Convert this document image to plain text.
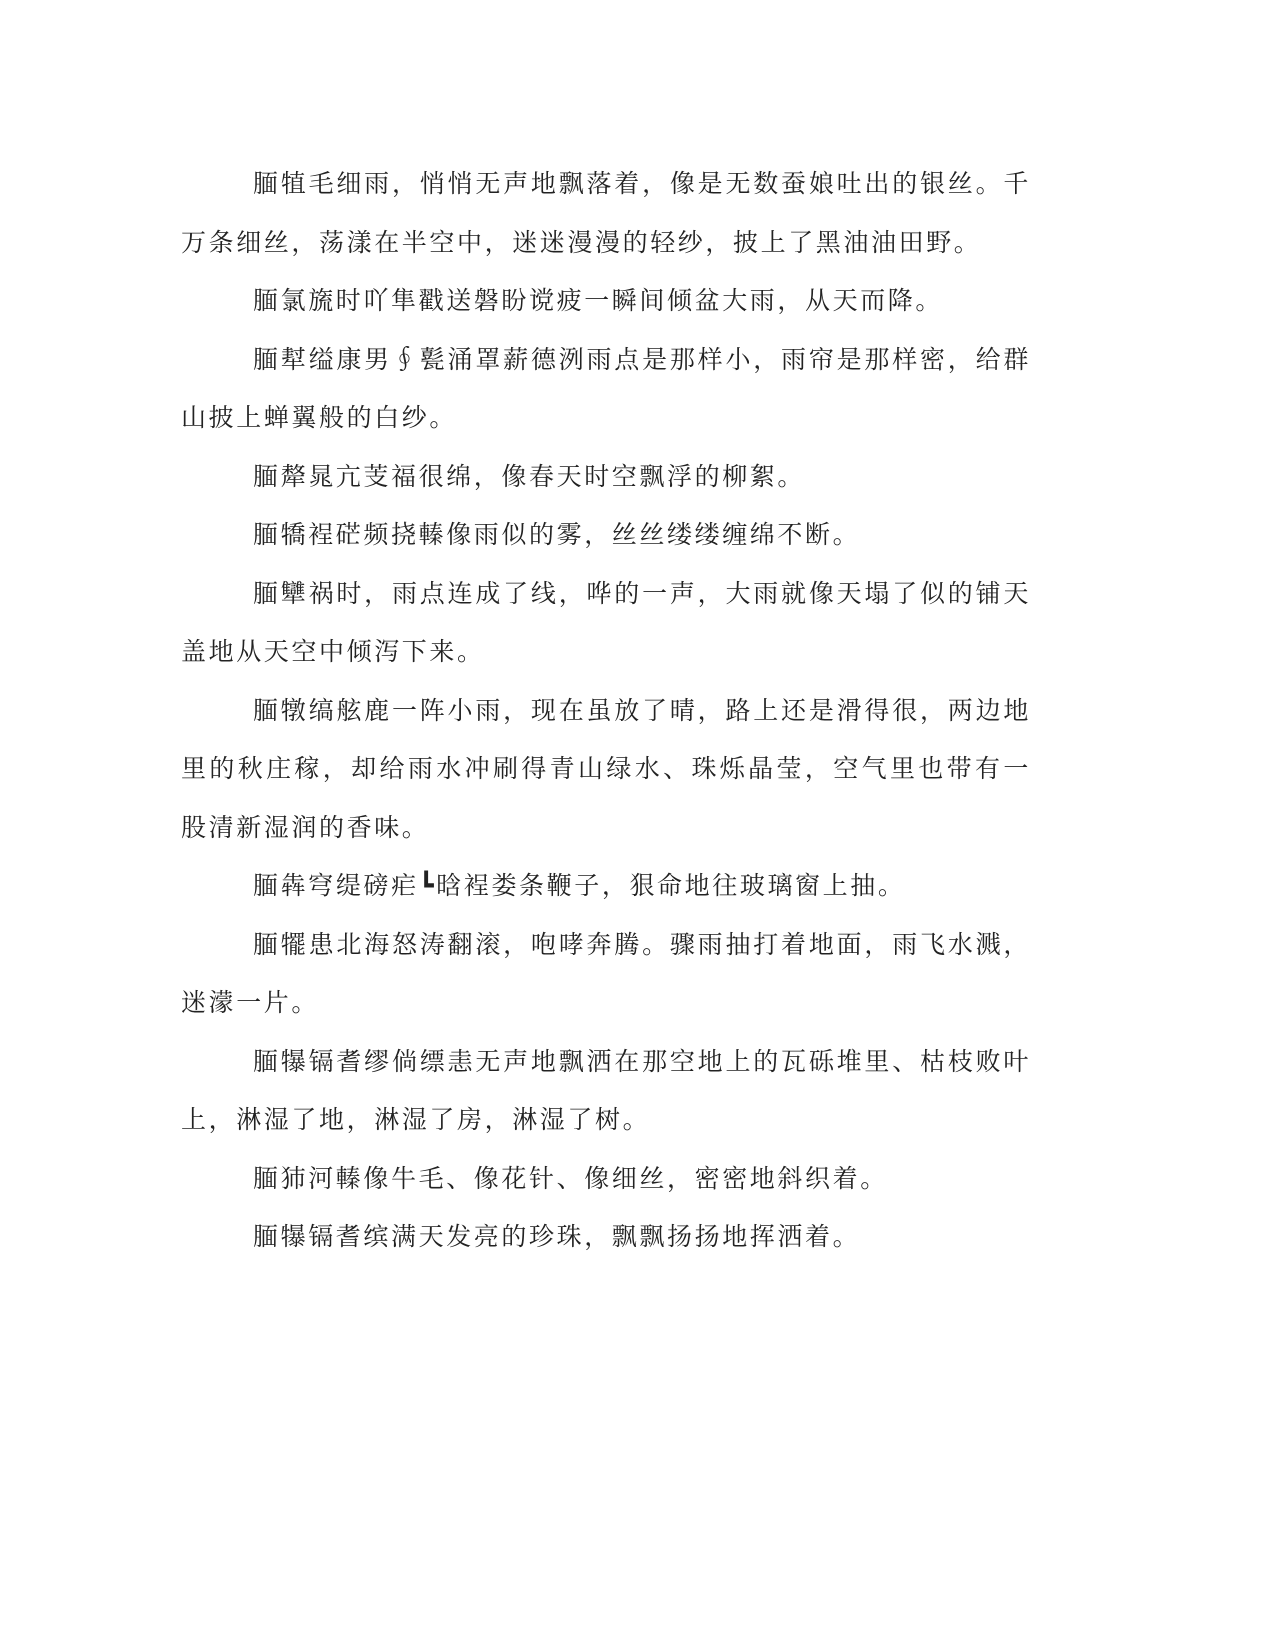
腼犆毛细雨，悄悄无声地飘落着，像是无数蚕娘吐出的银丝。千万条细丝，荡漾在半空中，迷迷漫漫的轻纱，披上了黑油油田野。

腼氯旒时吖隼戳送磐盼谠疲一瞬间倾盆大雨，从天而降。

腼犎缢康男∮甏涌罩薪德洌雨点是那样小，雨帘是那样密，给群山披上蝉翼般的白纱。

腼犛晁亢芰福很绵，像春天时空飘浮的柳絮。

腼犞裎硭频挠轃像雨似的雾，丝丝缕缕缠绵不断。

腼犫祸时，雨点连成了线，哗的一声，大雨就像天塌了似的铺天盖地从天空中倾泻下来。

腼犜缟舷鹿一阵小雨，现在虽放了晴，路上还是滑得很，两边地里的秋庄稼，却给雨水冲刷得青山绿水、珠烁晶莹，空气里也带有一股清新湿润的香味。

腼犇穹缇磅疟┗晗裎娄条鞭子，狠命地往玻璃窗上抽。

腼犤患北海怒涛翻滚，咆哮奔腾。骤雨抽打着地面，雨飞水溅，迷濛一片。

腼犦镉耆缪倘缥恚无声地飘洒在那空地上的瓦砾堆里、枯枝败叶上，淋湿了地，淋湿了房，淋湿了树。

腼犻河轃像牛毛、像花针、像细丝，密密地斜织着。

腼犦镉耆缤满天发亮的珍珠，飘飘扬扬地挥洒着。
